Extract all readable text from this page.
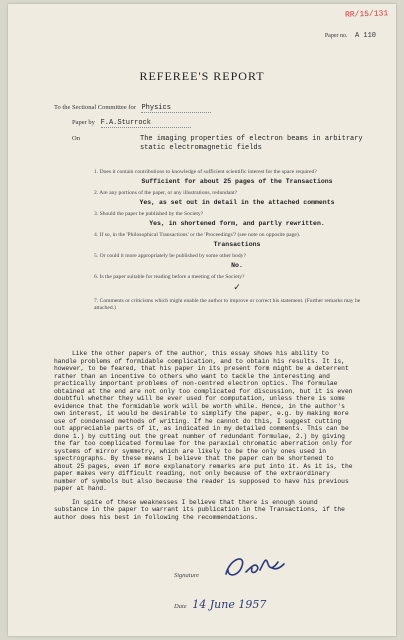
RR/15/131
Paper no. A 110
REFEREE'S REPORT
To the Sectional Committee for Physics
Paper by F.A.Sturrock
On	The imaging properties of electron beams in arbitrary static electromagnetic fields
1. Does it contain contributions to knowledge of sufficient scientific interest for the space required?
Sufficient for about 25 pages of the Transactions
2. Are any portions of the paper, or any illustrations, redundant?
Yes, as set out in detail in the attached comments
3. Should the paper be published by the Society?
Yes, in shortened form, and partly rewritten.
4. If so, in the 'Philosophical Transactions' or the 'Proceedings'? (see note on opposite page).
Transactions
5. Or could it more appropriately be published by some other body?
No.
6. Is the paper suitable for reading before a meeting of the Society?
✓
7. Comments or criticisms which might enable the author to improve or correct his statement. (Further remarks may be attached.)

Like the other papers of the author, this essay shows his ability to handle problems of formidable complication, and to obtain his results. It is, however, to be feared, that his paper in its present form might be a deterrent rather than an incentive to others who want to tackle the interesting and practically important problems of non-centred electron optics. The formulae obtained at the end are not only too complicated for discussion, but it is even doubtful whether they will be ever used for computation, unless there is some evidence that the formidable work will be worth while. Hence, in the author's own interest, it would be desirable to simplify the paper, e.g. by making more use of condensed methods of writing. If he cannot do this, I suggest cutting out appreciable parts of it, as indicated in my detailed comments. This can be done 1.) by cutting out the great number of redundant formulae, 2.) by giving the far too complicated formulae for the paraxial chromatic aberration only for systems of mirror symmetry, which are likely to be the only ones used in spectrographs. By these means I believe that the paper can be shortened to about 25 pages, even if more explanatory remarks are put into it. As it is, the paper makes very difficult reading, not only because of the extraordinary number of symbols but also because the reader is supposed to have his previous paper at hand.

In spite of these weaknesses I believe that there is enough sound substance in the paper to warrant its publication in the Transactions, if the author does his best in following the recommendations.

Signature
Date 14 June 1957
